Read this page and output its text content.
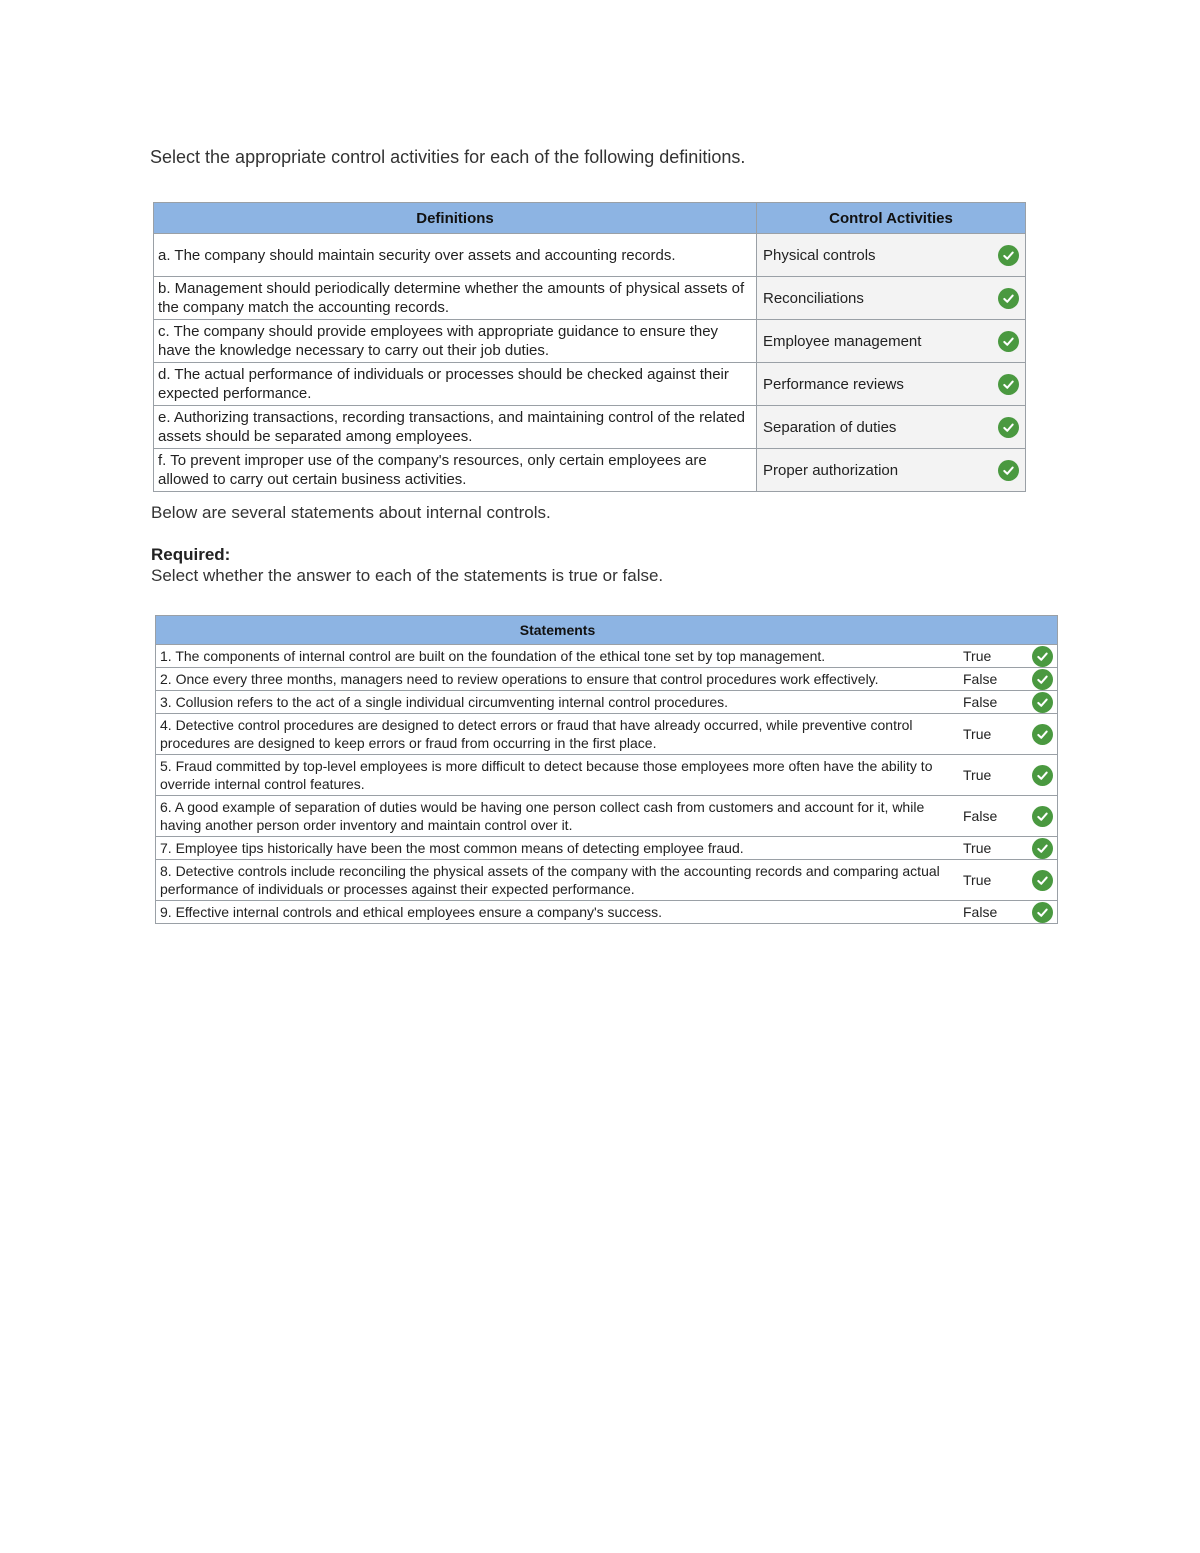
Select the appropriate control activities for each of the following definitions.

Definitions	Control Activities
a. The company should maintain security over assets and accounting records.	Physical controls

b. Management should periodically determine whether the amounts of physical assets of the company match the accounting records.	Reconciliations

c. The company should provide employees with appropriate guidance to ensure they have the knowledge necessary to carry out their job duties.	Employee management

d. The actual performance of individuals or processes should be checked against their expected performance.	Performance reviews

e. Authorizing transactions, recording transactions, and maintaining control of the related assets should be separated among employees.	Separation of duties

f. To prevent improper use of the company's resources, only certain employees are allowed to carry out certain business activities.	Proper authorization

Below are several statements about internal controls.

Required:

Select whether the answer to each of the statements is true or false.

Statements		
1. The components of internal control are built on the foundation of the ethical tone set by top management.	True	

2. Once every three months, managers need to review operations to ensure that control procedures work effectively.	False	

3. Collusion refers to the act of a single individual circumventing internal control procedures.	False	

4. Detective control procedures are designed to detect errors or fraud that have already occurred, while preventive control procedures are designed to keep errors or fraud from occurring in the first place.	True	

5. Fraud committed by top-level employees is more difficult to detect because those employees more often have the ability to override internal control features.	True	

6. A good example of separation of duties would be having one person collect cash from customers and account for it, while having another person order inventory and maintain control over it.	False	

7. Employee tips historically have been the most common means of detecting employee fraud.	True	

8. Detective controls include reconciling the physical assets of the company with the accounting records and comparing actual performance of individuals or processes against their expected performance.	True	

9. Effective internal controls and ethical employees ensure a company's success.	False	
